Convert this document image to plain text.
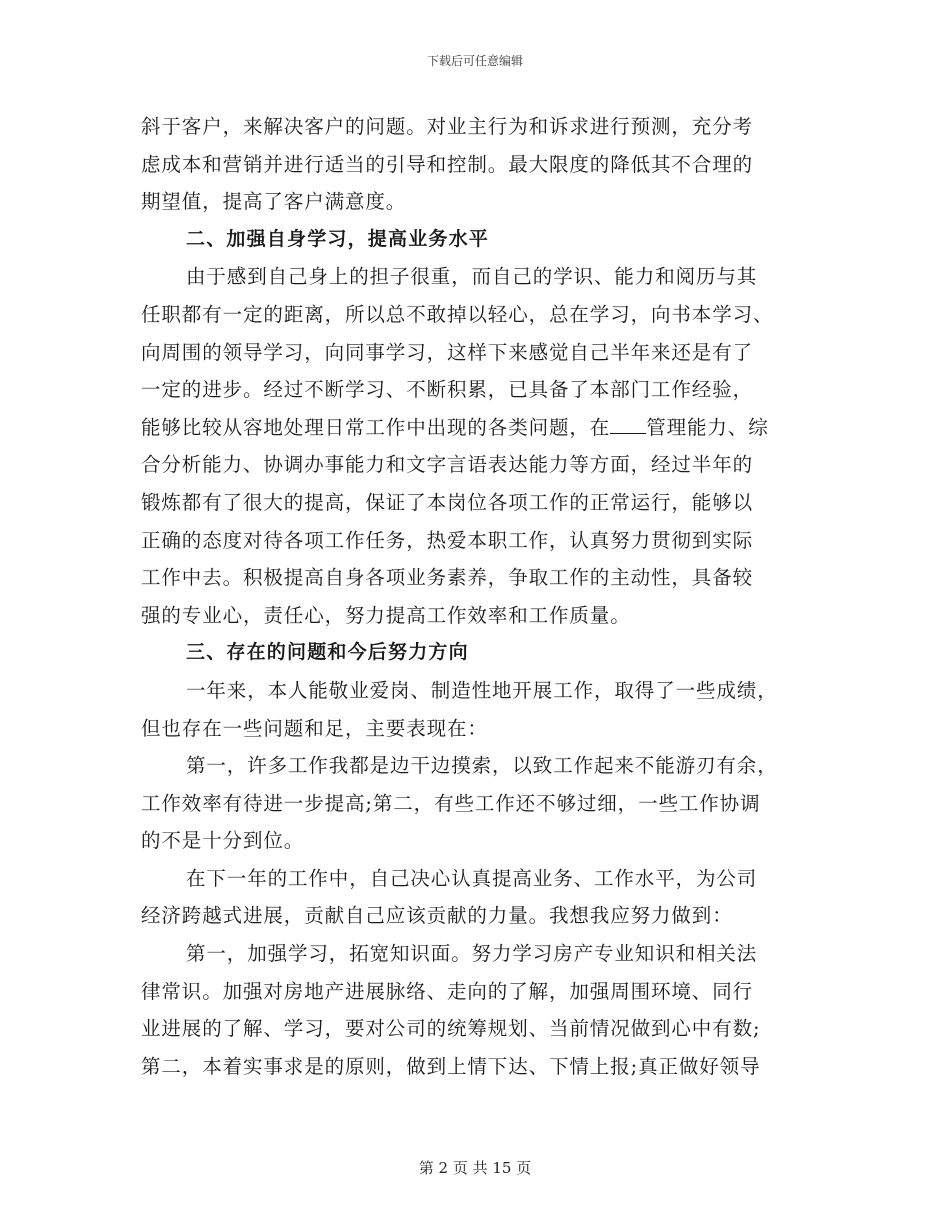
下载后可任意编辑
斜于客户，来解决客户的问题。对业主行为和诉求进行预测，充分考
虑成本和营销并进行适当的引导和控制。最大限度的降低其不合理的
期望值，提高了客户满意度。
二、加强自身学习，提高业务水平
由于感到自己身上的担子很重，而自己的学识、能力和阅历与其
任职都有一定的距离，所以总不敢掉以轻心，总在学习，向书本学习、
向周围的领导学习，向同事学习，这样下来感觉自己半年来还是有了
一定的进步。经过不断学习、不断积累，已具备了本部门工作经验，
能够比较从容地处理日常工作中出现的各类问题，在 管理能力、综
合分析能力、协调办事能力和文字言语表达能力等方面，经过半年的
锻炼都有了很大的提高，保证了本岗位各项工作的正常运行，能够以
正确的态度对待各项工作任务，热爱本职工作，认真努力贯彻到实际
工作中去。积极提高自身各项业务素养，争取工作的主动性，具备较
强的专业心，责任心，努力提高工作效率和工作质量。
三、存在的问题和今后努力方向
一年来，本人能敬业爱岗、制造性地开展工作，取得了一些成绩，
但也存在一些问题和足，主要表现在：
第一，许多工作我都是边干边摸索，以致工作起来不能游刃有余，
工作效率有待进一步提高;第二，有些工作还不够过细，一些工作协调
的不是十分到位。
在下一年的工作中，自己决心认真提高业务、工作水平，为公司
经济跨越式进展，贡献自己应该贡献的力量。我想我应努力做到：
第一，加强学习，拓宽知识面。努力学习房产专业知识和相关法
律常识。加强对房地产进展脉络、走向的了解，加强周围环境、同行
业进展的了解、学习，要对公司的统筹规划、当前情况做到心中有数;
第二，本着实事求是的原则，做到上情下达、下情上报;真正做好领导
第 2 页 共 15 页
